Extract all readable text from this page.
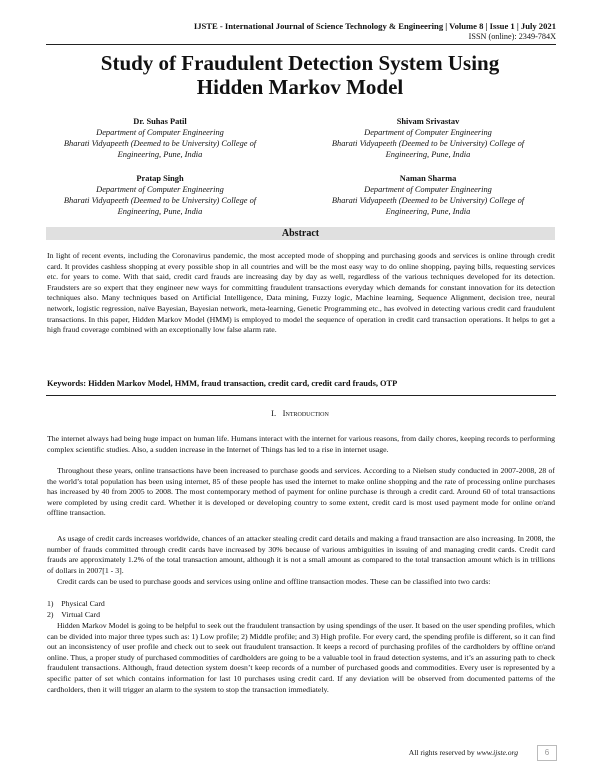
IJSTE - International Journal of Science Technology & Engineering | Volume 8 | Issue 1 | July 2021
ISSN (online): 2349-784X
Study of Fraudulent Detection System Using
Hidden Markov Model
Dr. Suhas Patil
Department of Computer Engineering
Bharati Vidyapeeth (Deemed to be University) College of
Engineering, Pune, India
Shivam Srivastav
Department of Computer Engineering
Bharati Vidyapeeth (Deemed to be University) College of
Engineering, Pune, India
Pratap Singh
Department of Computer Engineering
Bharati Vidyapeeth (Deemed to be University) College of
Engineering, Pune, India
Naman Sharma
Department of Computer Engineering
Bharati Vidyapeeth (Deemed to be University) College of
Engineering, Pune, India
Abstract
In light of recent events, including the Coronavirus pandemic, the most accepted mode of shopping and purchasing goods and services is online through credit card. It provides cashless shopping at every possible shop in all countries and will be the most easy way to do online shopping, paying bills, requesting services etc. for years to come. With that said, credit card frauds are increasing day by day as well, regardless of the various techniques developed for its detection. Fraudsters are so expert that they engineer new ways for committing fraudulent transactions everyday which demands for constant innovation for its detection techniques also. Many techniques based on Artificial Intelligence, Data mining, Fuzzy logic, Machine learning, Sequence Alignment, decision tree, neural network, logistic regression, naïve Bayesian, Bayesian network, meta-learning, Genetic Programming etc., has evolved in detecting various credit card fraudulent transactions. In this paper, Hidden Markov Model (HMM) is employed to model the sequence of operation in credit card transaction operations. It helps to get a high fraud coverage combined with an exceptionally low false alarm rate.
Keywords: Hidden Markov Model, HMM, fraud transaction, credit card, credit card frauds, OTP
I. Introduction
The internet always had being huge impact on human life. Humans interact with the internet for various reasons, from daily chores, keeping records to performing complex scientific studies. Also, a sudden increase in the Internet of Things has led to a rise in internet usage.
Throughout these years, online transactions have been increased to purchase goods and services. According to a Nielsen study conducted in 2007-2008, 28 of the world’s total population has been using internet, 85 of these people has used the internet to make online shopping and the rate of processing online purchases has increased by 40 from 2005 to 2008. The most contemporary method of payment for online purchase is through a credit card. Around 60 of total transactions were completed by using credit card. Whether it is developed or developing country to some extent, credit card is most used payment mode for online or/and offline transaction.
As usage of credit cards increases worldwide, chances of an attacker stealing credit card details and making a fraud transaction are also increasing. In 2008, the number of frauds committed through credit cards have increased by 30% because of various ambiguities in issuing of and managing credit cards. Credit card frauds are approximately 1.2% of the total transaction amount, although it is not a small amount as compared to the total transaction amount which is in trillions of dollars in 2007[1 - 3].
Credit cards can be used to purchase goods and services using online and offline transaction modes. These can be classified into two cards:
1) Physical Card
2) Virtual Card
Hidden Markov Model is going to be helpful to seek out the fraudulent transaction by using spendings of the user. It based on the user spending profiles, which can be divided into major three types such as: 1) Low profile; 2) Middle profile; and 3) High profile. For every card, the spending profile is different, so it can find out an inconsistency of user profile and check out to seek out fraudulent transaction. It keeps a record of purchasing profiles of the cardholders by offline or/and online. Thus, a proper study of purchased commodities of cardholders are going to be a valuable tool in fraud detection systems, and it’s an assuring path to check fraudulent transactions. Although, fraud detection system doesn’t keep records of a number of purchased goods and commodities. Every user is represented by a specific patter of set which contains information for last 10 purchases using credit card. If any deviation will be observed from documented patterns of the cardholders, then it will trigger an alarm to the system to stop the transaction immediately.
All rights reserved by www.ijste.org	6
